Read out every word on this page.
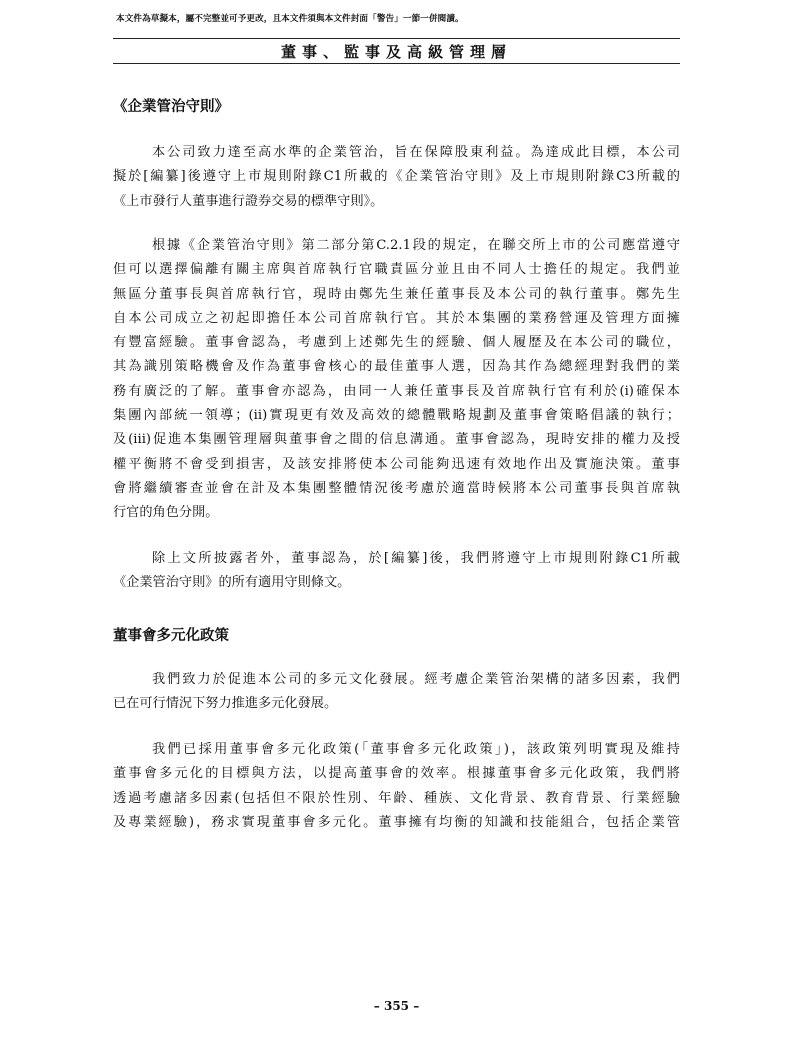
本文件為草擬本，屬不完整並可予更改，且本文件須與本文件封面「警告」一節一併閱讀。
董事、監事及高級管理層
《企業管治守則》
本公司致力達至高水準的企業管治，旨在保障股東利益。為達成此目標，本公司
擬於[編纂]後遵守上市規則附錄C1所載的《企業管治守則》及上市規則附錄C3所載的
《上市發行人董事進行證券交易的標準守則》。
根據《企業管治守則》第二部分第C.2.1段的規定，在聯交所上市的公司應當遵守
但可以選擇偏離有關主席與首席執行官職責區分並且由不同人士擔任的規定。我們並
無區分董事長與首席執行官，現時由鄭先生兼任董事長及本公司的執行董事。鄭先生
自本公司成立之初起即擔任本公司首席執行官。其於本集團的業務營運及管理方面擁
有豐富經驗。董事會認為，考慮到上述鄭先生的經驗、個人履歷及在本公司的職位，
其為識別策略機會及作為董事會核心的最佳董事人選，因為其作為總經理對我們的業
務有廣泛的了解。董事會亦認為，由同一人兼任董事長及首席執行官有利於(i)確保本
集團內部統一領導；(ii)實現更有效及高效的總體戰略規劃及董事會策略倡議的執行；
及(iii)促進本集團管理層與董事會之間的信息溝通。董事會認為，現時安排的權力及授
權平衡將不會受到損害，及該安排將使本公司能夠迅速有效地作出及實施決策。董事
會將繼續審查並會在計及本集團整體情況後考慮於適當時候將本公司董事長與首席執
行官的角色分開。
除上文所披露者外，董事認為，於[編纂]後，我們將遵守上市規則附錄C1所載
《企業管治守則》的所有適用守則條文。
董事會多元化政策
我們致力於促進本公司的多元文化發展。經考慮企業管治架構的諸多因素，我們
已在可行情況下努力推進多元化發展。
我們已採用董事會多元化政策(「董事會多元化政策」)，該政策列明實現及維持
董事會多元化的目標與方法，以提高董事會的效率。根據董事會多元化政策，我們將
透過考慮諸多因素(包括但不限於性別、年齡、種族、文化背景、教育背景、行業經驗
及專業經驗)，務求實現董事會多元化。董事擁有均衡的知識和技能組合，包括企業管
– 355 –
